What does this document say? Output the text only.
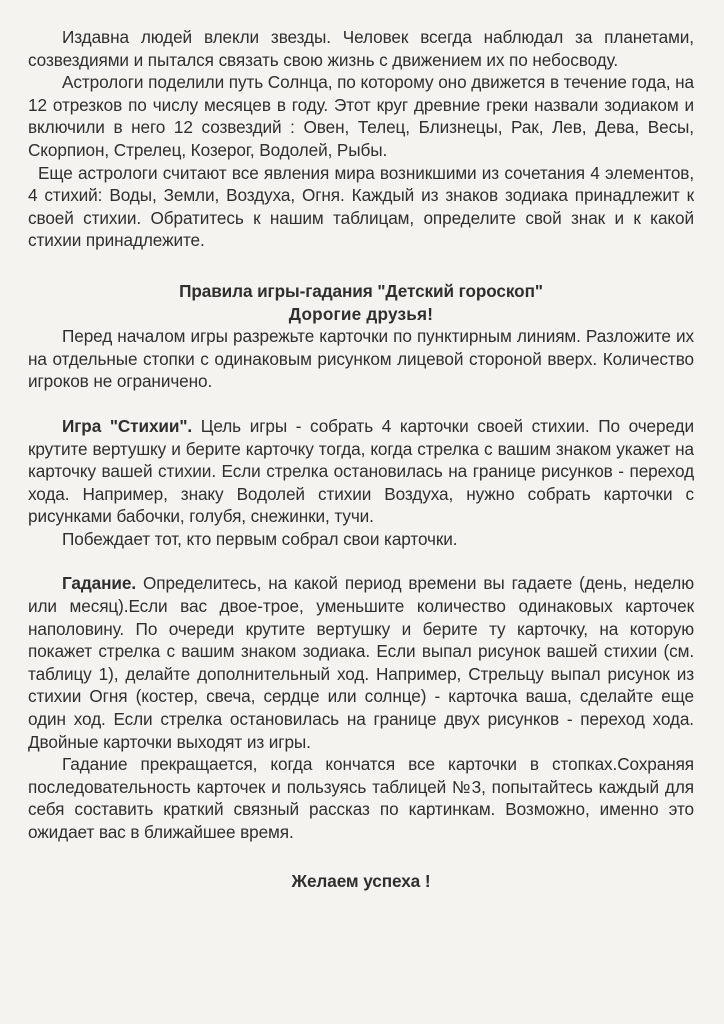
Издавна людей влекли звезды. Человек всегда наблюдал за планетами, созвездиями и пытался связать свою жизнь с движением их по небосводу.

Астрологи поделили путь Солнца, по которому оно движется в течение года, на 12 отрезков по числу месяцев в году. Этот круг древние греки назвали зодиаком и включили в него 12 созвездий : Овен, Телец, Близнецы, Рак, Лев, Дева, Весы, Скорпион, Стрелец, Козерог, Водолей, Рыбы.

Еще астрологи считают все явления мира возникшими из сочетания 4 элементов, 4 стихий: Воды, Земли, Воздуха, Огня. Каждый из знаков зодиака принадлежит к своей стихии. Обратитесь к нашим таблицам, определите свой знак и к какой стихии принадлежите.

Правила игры-гадания "Детский гороскоп"
Дорогие друзья!

Перед началом игры разрежьте карточки по пунктирным линиям. Разложите их на отдельные стопки с одинаковым рисунком лицевой стороной вверх. Количество игроков не ограничено.

Игра "Стихии". Цель игры - собрать 4 карточки своей стихии. По очереди крутите вертушку и берите карточку тогда, когда стрелка с вашим знаком укажет на карточку вашей стихии. Если стрелка остановилась на границе рисунков - переход хода. Например, знаку Водолей стихии Воздуха, нужно собрать карточки с рисунками бабочки, голубя, снежинки, тучи.

Побеждает тот, кто первым собрал свои карточки.

Гадание. Определитесь, на какой период времени вы гадаете (день, неделю или месяц).Если вас двое-трое, уменьшите количество одинаковых карточек наполовину. По очереди крутите вертушку и берите ту карточку, на которую покажет стрелка с вашим знаком зодиака. Если выпал рисунок вашей стихии (см. таблицу 1), делайте дополнительный ход. Например, Стрельцу выпал рисунок из стихии Огня (костер, свеча, сердце или солнце) - карточка ваша, сделайте еще один ход. Если стрелка остановилась на границе двух рисунков - переход хода. Двойные карточки выходят из игры.

Гадание прекращается, когда кончатся все карточки в стопках.Сохраняя последовательность карточек и пользуясь таблицей №3, попытайтесь каждый для себя составить краткий связный рассказ по картинкам. Возможно, именно это ожидает вас в ближайшее время.

Желаем успеха !
